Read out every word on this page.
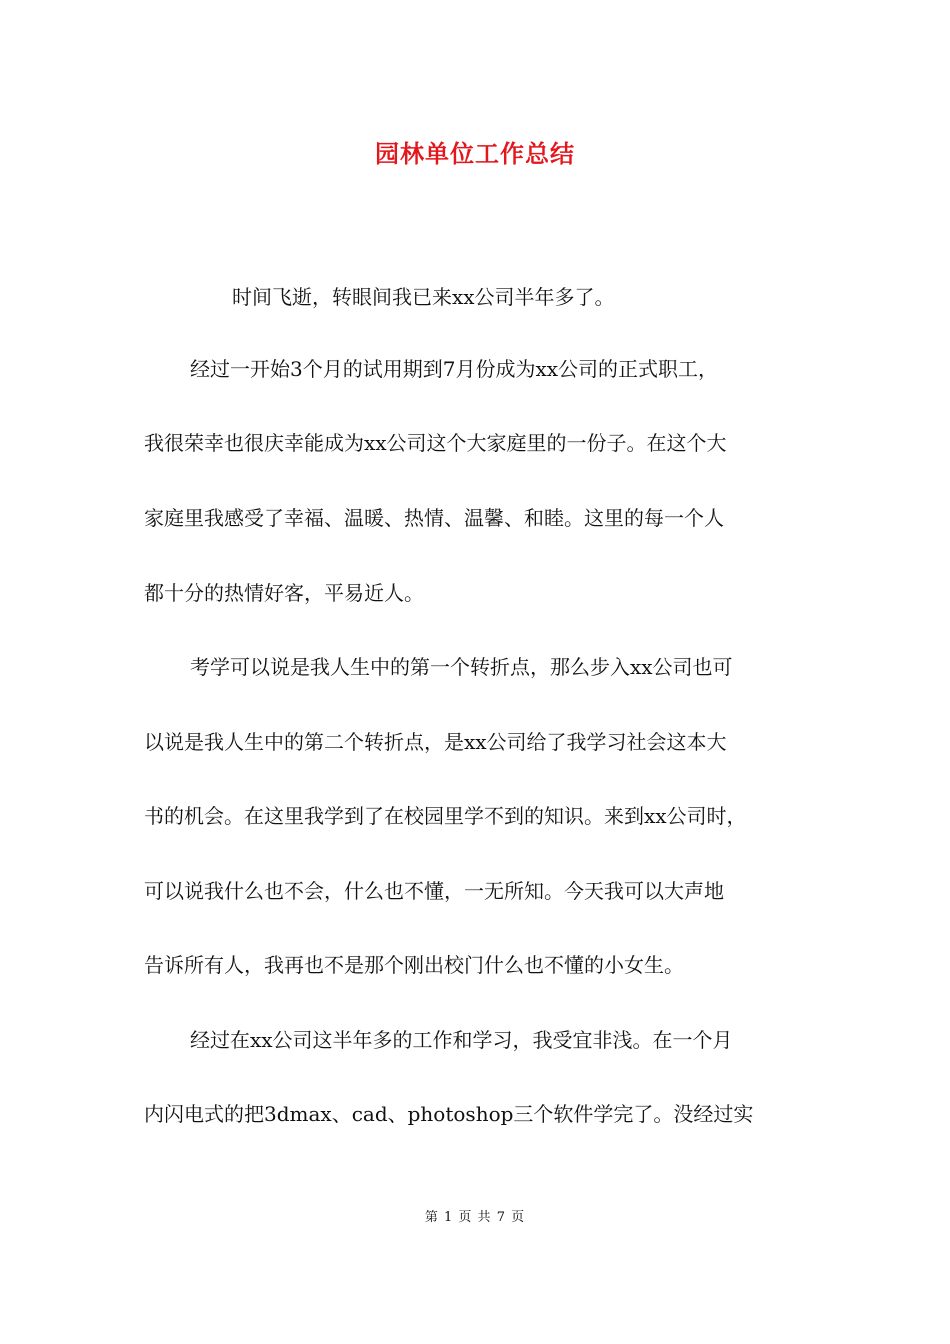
园林单位工作总结
时间飞逝，转眼间我已来xx公司半年多了。
经过一开始3个月的试用期到7月份成为xx公司的正式职工，
我很荣幸也很庆幸能成为xx公司这个大家庭里的一份子。在这个大
家庭里我感受了幸福、温暖、热情、温馨、和睦。这里的每一个人
都十分的热情好客，平易近人。
考学可以说是我人生中的第一个转折点，那么步入xx公司也可
以说是我人生中的第二个转折点，是xx公司给了我学习社会这本大
书的机会。在这里我学到了在校园里学不到的知识。来到xx公司时，
可以说我什么也不会，什么也不懂，一无所知。今天我可以大声地
告诉所有人，我再也不是那个刚出校门什么也不懂的小女生。
经过在xx公司这半年多的工作和学习，我受宜非浅。在一个月
内闪电式的把3dmax、cad、photoshop三个软件学完了。没经过实
第 1 页 共 7 页
